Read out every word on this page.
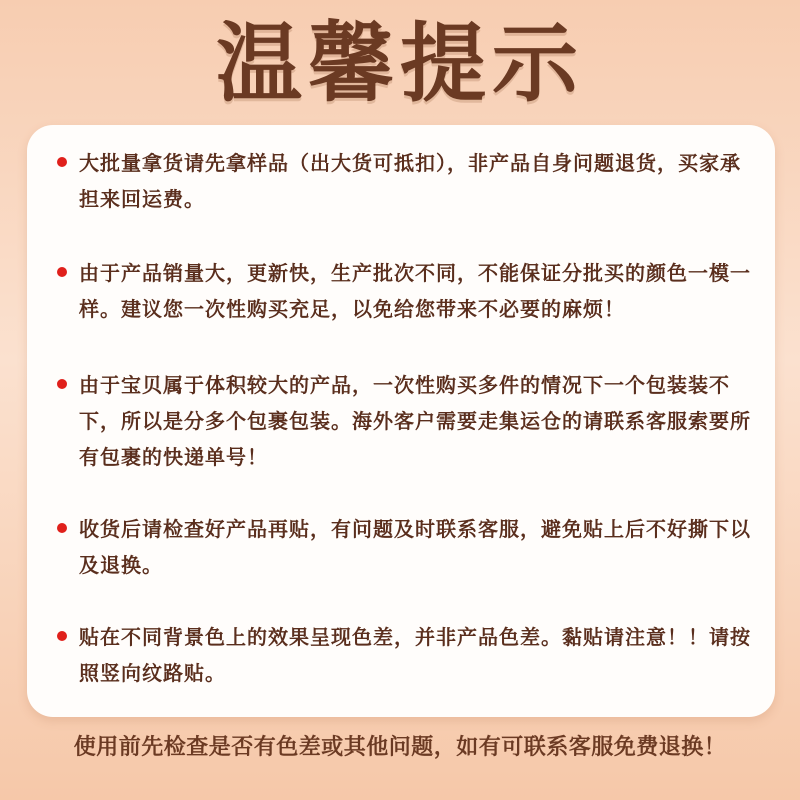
温馨提示

大批量拿货请先拿样品（出大货可抵扣），非产品自身问题退货，买家承担来回运费。

由于产品销量大，更新快，生产批次不同，不能保证分批买的颜色一模一样。建议您一次性购买充足，以免给您带来不必要的麻烦！

由于宝贝属于体积较大的产品，一次性购买多件的情况下一个包装装不下，所以是分多个包裹包装。海外客户需要走集运仓的请联系客服索要所有包裹的快递单号！

收货后请检查好产品再贴，有问题及时联系客服，避免贴上后不好撕下以及退换。

贴在不同背景色上的效果呈现色差，并非产品色差。黏贴请注意！！请按照竖向纹路贴。

使用前先检查是否有色差或其他问题，如有可联系客服免费退换！
